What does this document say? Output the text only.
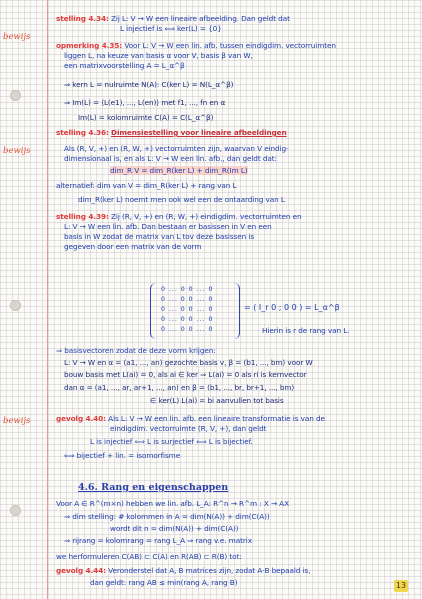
bewijs
bewijs
bewijs
stelling 4.34: Zij L: V → W een lineaire afbeelding. Dan geldt dat
L injectief is ⟺ ker(L) = {0}
opmerking 4.35: Voor L: V → W een lin. afb. tussen eindigdim. vectorruimten
liggen L, na keuze van basis α voor V, basis β van W,
een matrixvoorstelling A = L_α^β
⇒ kern L = nulruimte N(A): C(ker L) = N(L_α^β)
⇒ Im(L) = ⟨L(e1), ..., L(en)⟩ met f1, ..., fn en α
Im(L) = kolomruimte C(A) = C(L_α^β)
stelling 4.36: Dimensiestelling voor lineaire afbeeldingen
Als (R, V, +) en (R, W, +) vectorruimten zijn, waarvan V eindig-
dimensionaal is, en als L: V → W een lin. afb., dan geldt dat:
dim_R V = dim_R(ker L) + dim_R(Im L)
alternatief: dim van V = dim_R(ker L) + rang van L
dim_R(ker L) noemt men ook wel een de ontaarding van L
stelling 4.39: Zij (R, V, +) en (R, W, +) eindigdim. vectorruimten en
L: V → W een lin. afb. Dan bestaan er basissen in V en een
basis in W zodat de matrix van L tov deze basissen is
gegeven door een matrix van de vorm
0 ... 0 0 ... 0
0 ... 0 0 ... 0
0 ... 0 0 ... 0
0 ... 0 0 ... 0
0 ... 0 0 ... 0
= ( I_r 0 ; 0 0 ) = L_α^β
Hierin is r de rang van L.
⇒ basisvectoren zodat de deze vorm krijgen:
L: V → W en α = (a1, ..., an) gezochte basis v, β = (b1, ..., bm) voor W
bouw basis met L(ai) = 0, als ai ∈ ker ⇒ L(ai) = 0 als ri is kernvector
dan α = (a1, ..., ar, ar+1, ..., an) en β = (b1, ..., br, br+1, ..., bm)
∈ ker(L) L(ai) = bi aanvullen tot basis
gevolg 4.40: Als L: V → W een lin. afb. een lineaire transformatie is van de
eindigdim. vectorruimte (R, V, +), dan geldt
L is injectief ⟺ L is surjectief ⟺ L is bijectief.
⟺ bijectief + lin. = isomorfisme
4.6. Rang en eigenschappen
Voor A ∈ R^(m×n) hebben we lin. afb. L_A: R^n → R^m : X → AX
⇒ dim stelling: # kolommen in A = dim(N(A)) + dim(C(A))
wordt dit n = dim(N(A)) + dim(C(A))
⇒ rijrang = kolomrang = rang L_A ⇒ rang v.e. matrix
we herformuleren C(AB) ⊂ C(A) en R(AB) ⊂ R(B) tot:
gevolg 4.44: Veronderstel dat A, B matrices zijn, zodat A·B bepaald is,
dan geldt: rang AB ≤ min(rang A, rang B)	13
